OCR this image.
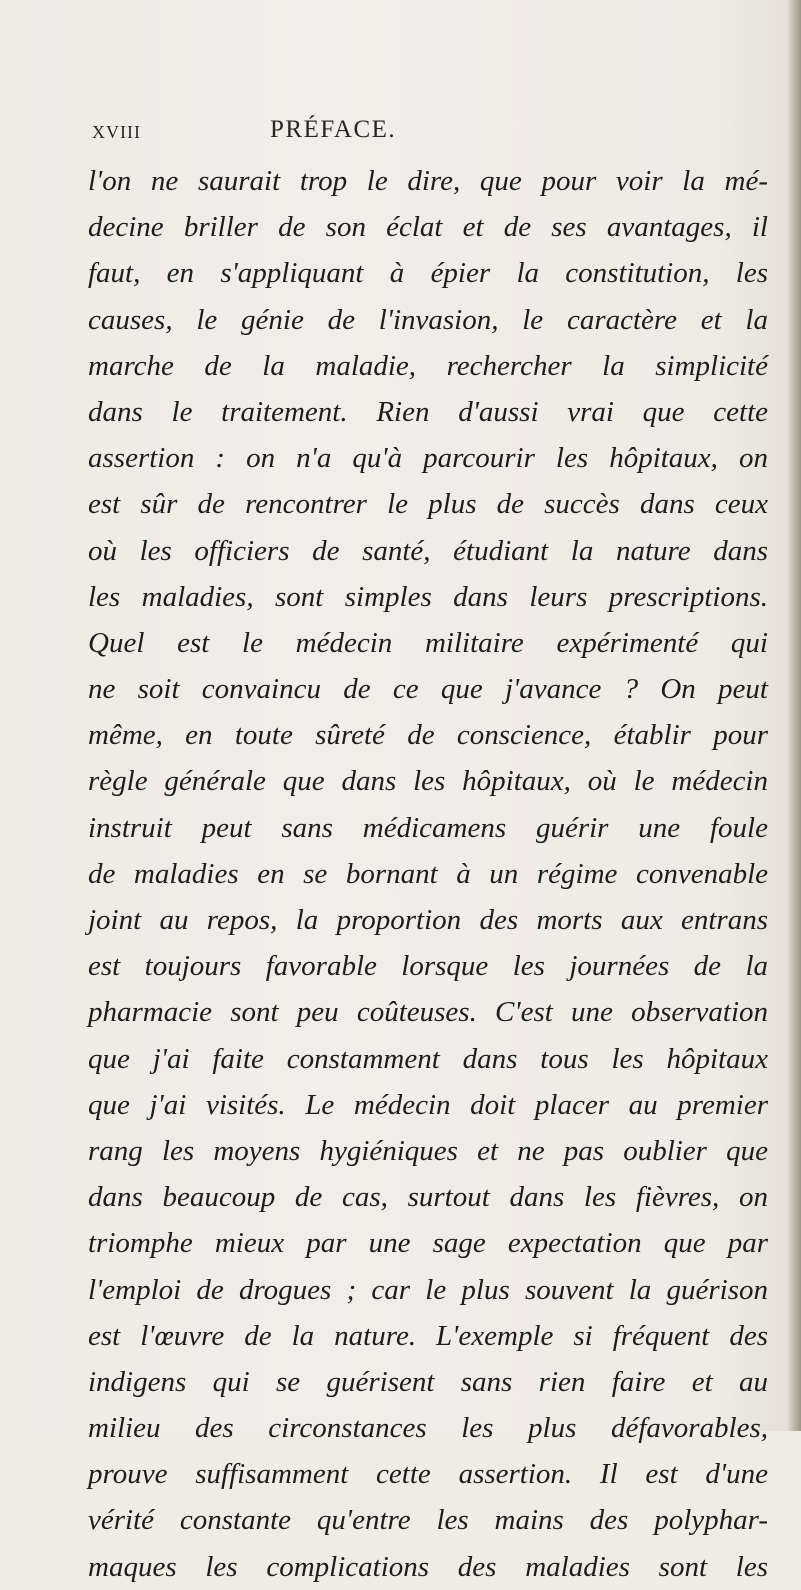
XVIII	PRÉFACE.
l'on ne saurait trop le dire, que pour voir la mé-
decine briller de son éclat et de ses avantages, il
faut, en s'appliquant à épier la constitution, les
causes, le génie de l'invasion, le caractère et la
marche de la maladie, rechercher la simplicité
dans le traitement. Rien d'aussi vrai que cette
assertion : on n'a qu'à parcourir les hôpitaux, on
est sûr de rencontrer le plus de succès dans ceux
où les officiers de santé, étudiant la nature dans
les maladies, sont simples dans leurs prescriptions.
Quel est le médecin militaire expérimenté qui
ne soit convaincu de ce que j'avance ? On peut
même, en toute sûreté de conscience, établir pour
règle générale que dans les hôpitaux, où le médecin
instruit peut sans médicamens guérir une foule
de maladies en se bornant à un régime convenable
joint au repos, la proportion des morts aux entrans
est toujours favorable lorsque les journées de la
pharmacie sont peu coûteuses. C'est une observation
que j'ai faite constamment dans tous les hôpitaux
que j'ai visités. Le médecin doit placer au premier
rang les moyens hygiéniques et ne pas oublier que
dans beaucoup de cas, surtout dans les fièvres, on
triomphe mieux par une sage expectation que par
l'emploi de drogues ; car le plus souvent la guérison
est l'œuvre de la nature. L'exemple si fréquent des
indigens qui se guérisent sans rien faire et au
milieu des circonstances les plus défavorables,
prouve suffisamment cette assertion. Il est d'une
vérité constante qu'entre les mains des polyphar-
maques les complications des maladies sont les
